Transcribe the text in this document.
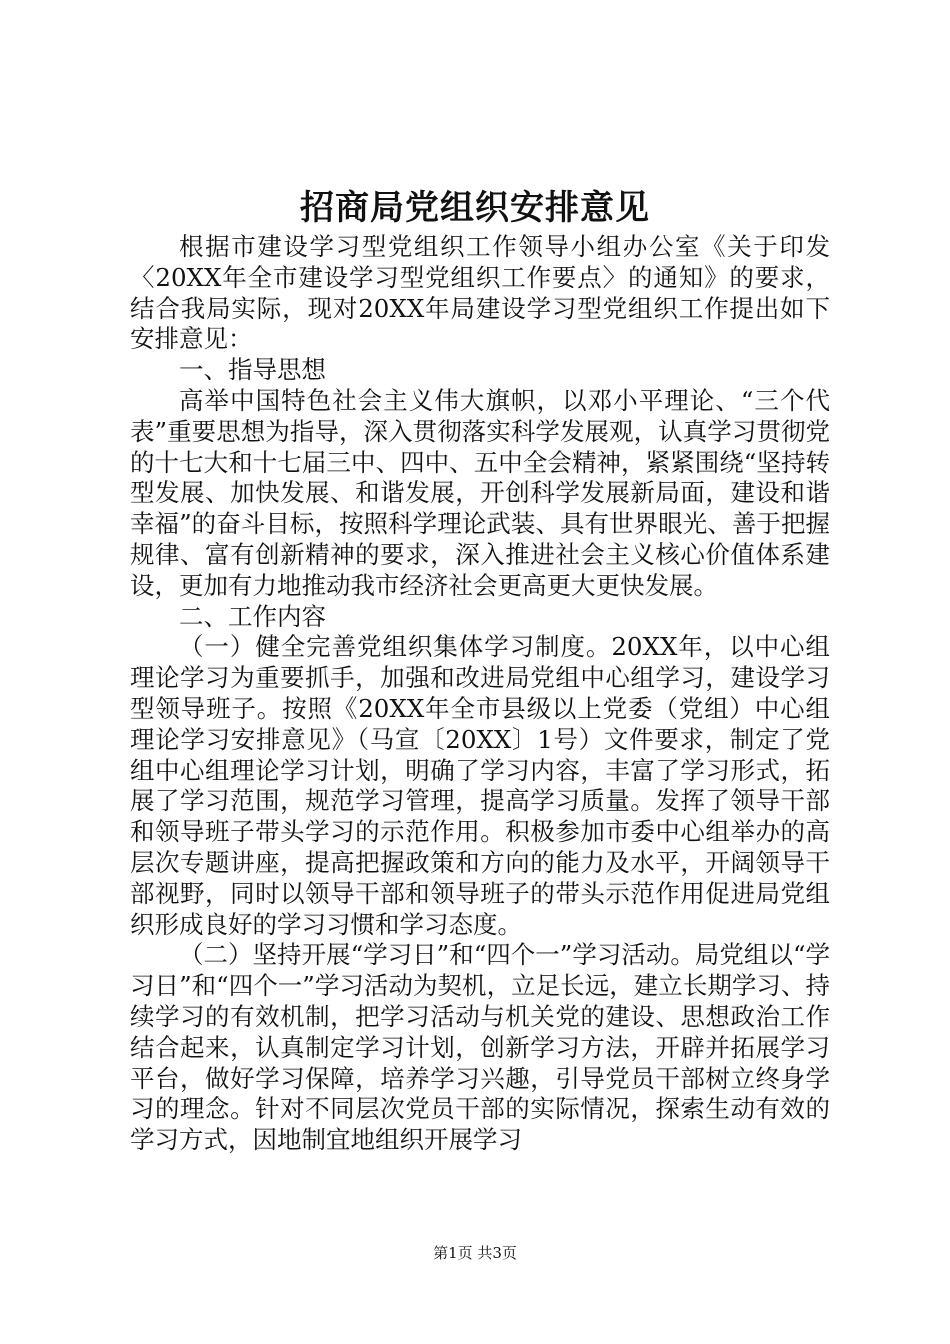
招商局党组织安排意见

根据市建设学习型党组织工作领导小组办公室《关于印发〈20XX年全市建设学习型党组织工作要点〉的通知》的要求，结合我局实际，现对20XX年局建设学习型党组织工作提出如下安排意见：

一、指导思想

高举中国特色社会主义伟大旗帜，以邓小平理论、“三个代表”重要思想为指导，深入贯彻落实科学发展观，认真学习贯彻党的十七大和十七届三中、四中、五中全会精神，紧紧围绕“坚持转型发展、加快发展、和谐发展，开创科学发展新局面，建设和谐幸福”的奋斗目标，按照科学理论武装、具有世界眼光、善于把握规律、富有创新精神的要求，深入推进社会主义核心价值体系建设，更加有力地推动我市经济社会更高更大更快发展。

二、工作内容

（一）健全完善党组织集体学习制度。20XX年，以中心组理论学习为重要抓手，加强和改进局党组中心组学习，建设学习型领导班子。按照《20XX年全市县级以上党委（党组）中心组理论学习安排意见》（马宣〔20XX〕1号）文件要求，制定了党组中心组理论学习计划，明确了学习内容，丰富了学习形式，拓展了学习范围，规范学习管理，提高学习质量。发挥了领导干部和领导班子带头学习的示范作用。积极参加市委中心组举办的高层次专题讲座，提高把握政策和方向的能力及水平，开阔领导干部视野，同时以领导干部和领导班子的带头示范作用促进局党组织形成良好的学习习惯和学习态度。

（二）坚持开展“学习日”和“四个一”学习活动。局党组以“学习日”和“四个一”学习活动为契机，立足长远，建立长期学习、持续学习的有效机制，把学习活动与机关党的建设、思想政治工作结合起来，认真制定学习计划，创新学习方法，开辟并拓展学习平台，做好学习保障，培养学习兴趣，引导党员干部树立终身学习的理念。针对不同层次党员干部的实际情况，探索生动有效的学习方式，因地制宜地组织开展学习

第1页 共3页
